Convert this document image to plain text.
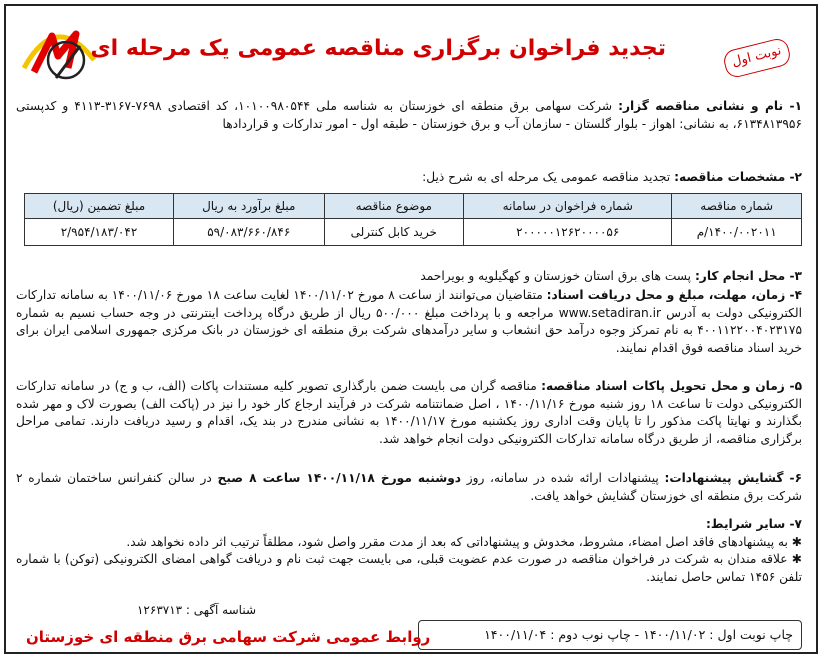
نوبت اول
تجدید فراخوان برگزاری مناقصه عمومی یک مرحله ای
۱- نام و نشانی مناقصه گزار: شرکت سهامی برق منطقه ای خوزستان به شناسه ملی ۱۰۱۰۰۹۸۰۵۴۴، کد اقتصادی ۷۶۹۸-۳۱۶۷-۴۱۱۳ و کدپستی ۶۱۳۴۸۱۳۹۵۶، به نشانی: اهواز - بلوار گلستان - سازمان آب و برق خوزستان - طبقه اول - امور تدارکات و قراردادها
۲- مشخصات مناقصه: تجدید مناقصه عمومی یک مرحله ای به شرح ذیل:
شماره مناقصه	شماره فراخوان در سامانه	موضوع مناقصه	مبلغ برآورد به ریال	مبلغ تضمین (ریال)
۱۴۰۰/۰۰۲۰۱۱/م	۲۰۰۰۰۰۱۲۶۲۰۰۰۰۵۶	خرید کابل کنترلی	۵۹/۰۸۳/۶۶۰/۸۴۶	۲/۹۵۴/۱۸۳/۰۴۲
۳- محل انجام کار: پست های برق استان خوزستان و کهگیلویه و بویراحمد
۴- زمان، مهلت، مبلغ و محل دریافت اسناد: متقاضیان می‌توانند از ساعت ۸ مورخ ۱۴۰۰/۱۱/۰۲ لغایت ساعت ۱۸ مورخ ۱۴۰۰/۱۱/۰۶ به سامانه تدارکات الکترونیکی دولت به آدرس www.setadiran.ir مراجعه و با پرداخت مبلغ ۵۰۰/۰۰۰ ریال از طریق درگاه پرداخت اینترنتی در وجه حساب نسیم به شماره ۴۰۰۱۱۲۲۰۰۴۰۲۳۱۷۵ به نام تمرکز وجوه درآمد حق انشعاب و سایر درآمدهای شرکت برق منطقه ای خوزستان در بانک مرکزی جمهوری اسلامی ایران برای خرید اسناد مناقصه فوق اقدام نمایند.
۵- زمان و محل تحویل پاکات اسناد مناقصه: مناقصه گران می بایست ضمن بارگذاری تصویر کلیه مستندات پاکات (الف، ب و ج) در سامانه تدارکات الکترونیکی دولت تا ساعت ۱۸ روز شنبه مورخ ۱۴۰۰/۱۱/۱۶ ، اصل ضمانتنامه شرکت در فرآیند ارجاع کار خود را نیز در (پاکت الف) بصورت لاک و مهر شده بگذارند و نهایتا پاکت مذکور را تا پایان وقت اداری روز یکشنبه مورخ ۱۴۰۰/۱۱/۱۷ به نشانی مندرج در بند یک، اقدام و رسید دریافت دارند. تمامی مراحل برگزاری مناقصه، از طریق درگاه سامانه تدارکات الکترونیکی دولت انجام خواهد شد.
۶- گشایش پیشنهادات: پیشنهادات ارائه شده در سامانه، روز دوشنبه مورخ ۱۴۰۰/۱۱/۱۸ ساعت ۸ صبح در سالن کنفرانس ساختمان شماره ۲ شرکت برق منطقه ای خوزستان گشایش خواهد یافت.
۷- سایر شرایط:
✱ به پیشنهادهای فاقد اصل امضاء، مشروط، مخدوش و پیشنهاداتی که بعد از مدت مقرر واصل شود، مطلقاً ترتیب اثر داده نخواهد شد.
✱ علاقه مندان به شرکت در فراخوان مناقصه در صورت عدم عضویت قبلی، می بایست جهت ثبت نام و دریافت گواهی امضای الکترونیکی (توکن) با شماره تلفن ۱۴۵۶ تماس حاصل نمایند.
شناسه آگهی : ۱۲۶۳۷۱۳
چاپ نوبت اول : ۱۴۰۰/۱۱/۰۲ - چاپ نوب دوم : ۱۴۰۰/۱۱/۰۴
روابط عمومی شرکت سهامی برق منطقه ای خوزستان
